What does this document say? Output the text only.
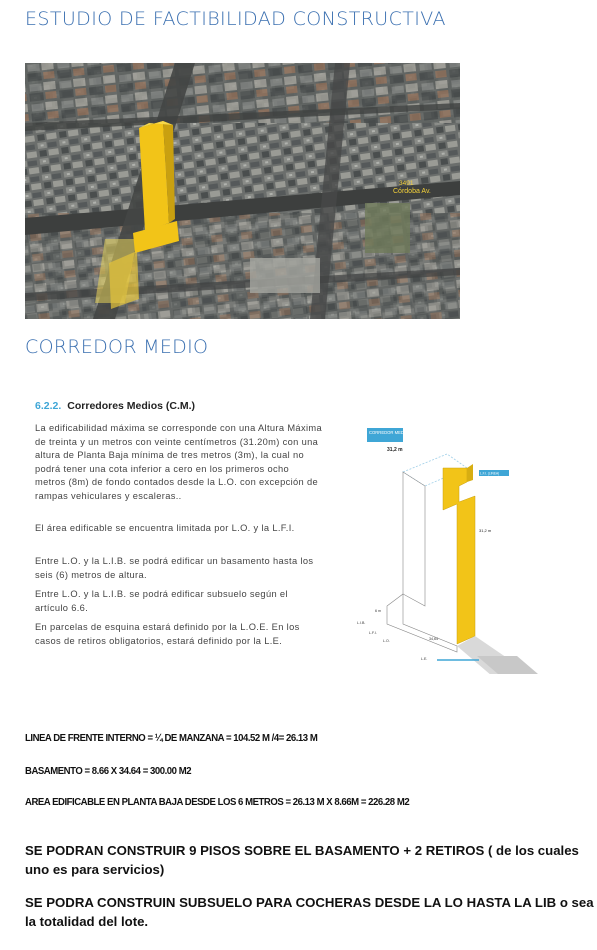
ESTUDIO DE FACTIBILIDAD CONSTRUCTIVA
3491
Córdoba Av.
CORREDOR MEDIO
6.2.2. Corredores Medios (C.M.)

La edificabilidad máxima se corresponde con una Altura Máxima de treinta y un metros con veinte centímetros (31.20m) con una altura de Planta Baja mínima de tres metros (3m), la cual no podrá tener una cota inferior a cero en los primeros ocho metros (8m) de fondo contados desde la L.O. con excepción de rampas vehiculares y escaleras..

El área edificable se encuentra limitada por L.O. y la L.F.I.

Entre L.O. y la L.I.B. se podrá edificar un basamento hasta los seis (6) metros de altura.

Entre L.O. y la L.I.B. se podrá edificar subsuelo según el artículo 6.6.

En parcelas de esquina estará definido por la L.O.E. En los casos de retiros obligatorios, estará definido por la L.E.

CORREDOR MEDIO (C.M.)
31,2 m
L.F.I. (LINEA)
31,2 m
6 m
L.I.B.
L.F.I.
L.O.
L.E.
34,64
LINEA DE FRENTE INTERNO = ¼ DE MANZANA = 104.52 M /4= 26.13 M
BASAMENTO = 8.66 X 34.64 = 300.00 M2
AREA EDIFICABLE EN PLANTA BAJA DESDE LOS 6 METROS = 26.13 M X 8.66M = 226.28 M2
SE PODRAN CONSTRUIR 9 PISOS SOBRE EL BASAMENTO + 2 RETIROS ( de los cuales uno es para servicios)
SE PODRA CONSTRUIN SUBSUELO PARA COCHERAS DESDE LA LO HASTA LA LIB o sea la totalidad del lote.
